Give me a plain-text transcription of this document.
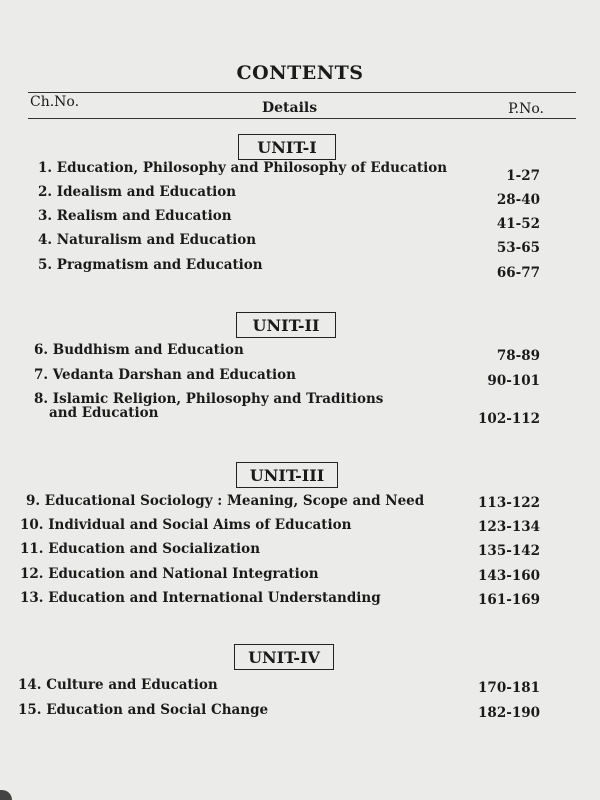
CONTENTS
Ch.No.	Details	P.No.
UNIT-I
1. Education, Philosophy and Philosophy of Education	1-27
2. Idealism and Education	28-40
3. Realism and Education	41-52
4. Naturalism and Education	53-65
5. Pragmatism and Education	66-77
UNIT-II
6. Buddhism and Education	78-89
7. Vedanta Darshan and Education	90-101
8. Islamic Religion, Philosophy and Traditions
and Education	102-112
UNIT-III
9. Educational Sociology : Meaning, Scope and Need	113-122
10. Individual and Social Aims of Education	123-134
11. Education and Socialization	135-142
12. Education and National Integration	143-160
13. Education and International Understanding	161-169
UNIT-IV
14. Culture and Education	170-181
15. Education and Social Change	182-190
